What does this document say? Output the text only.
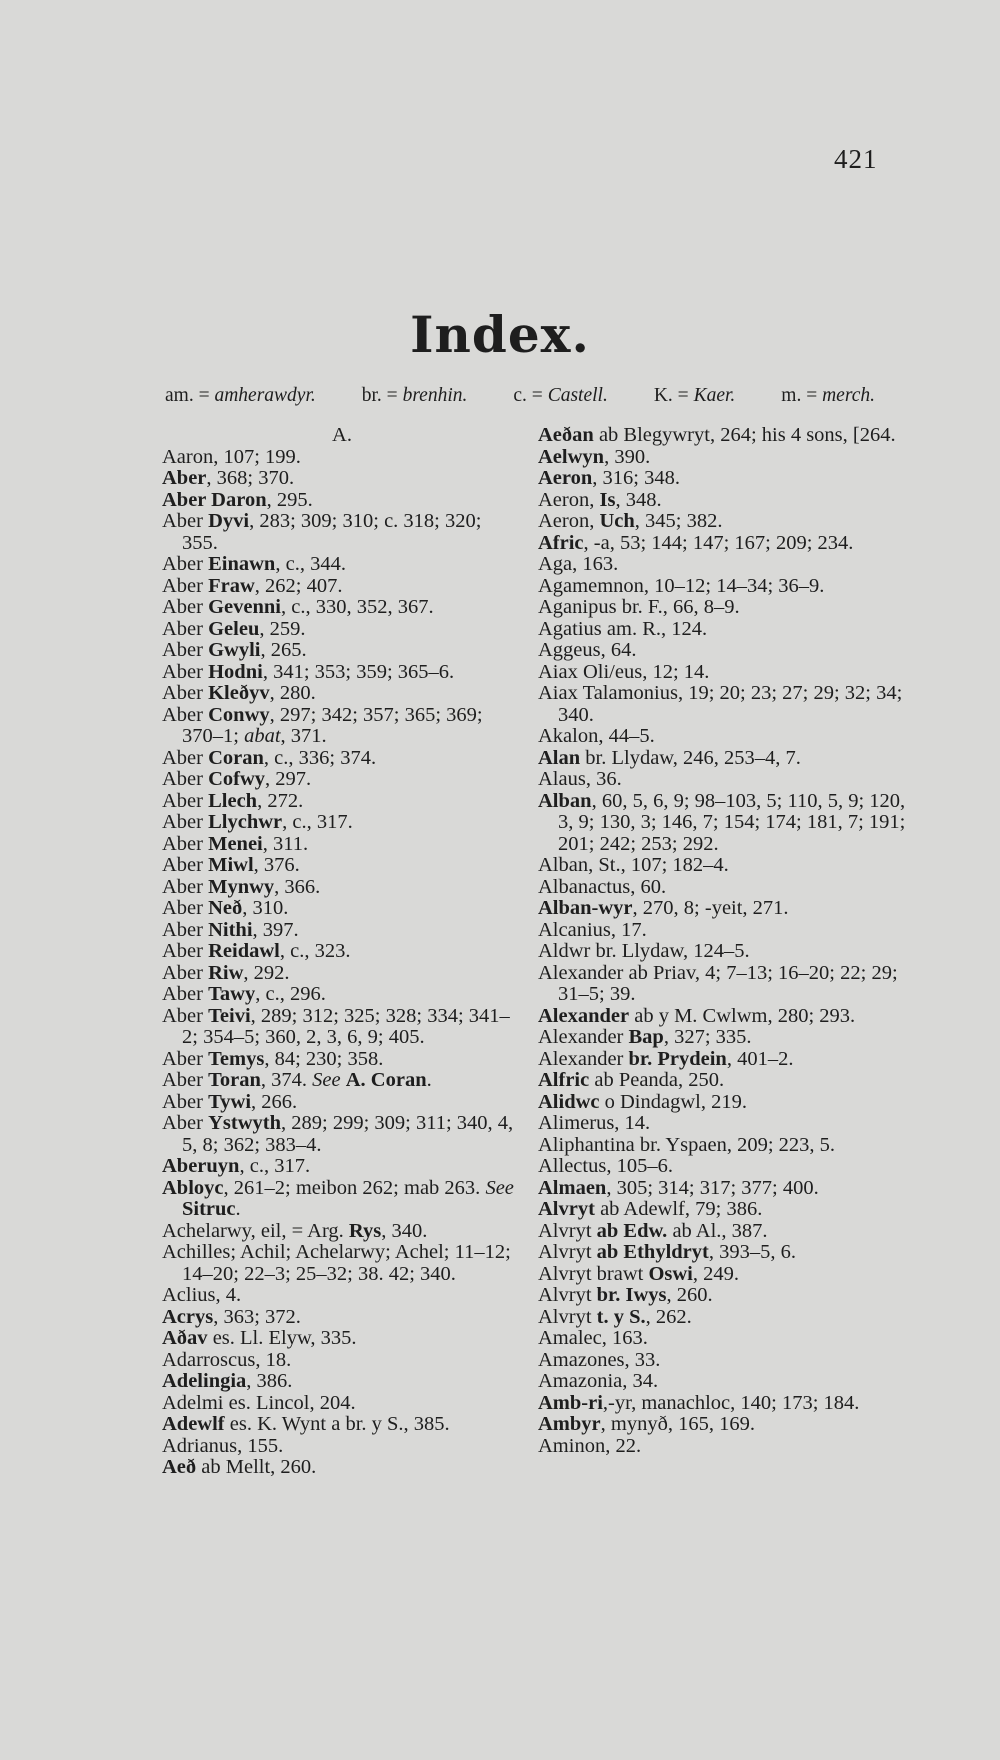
421
Index.
am. = amherawdyr. br. = brenhin. c. = Castell. K. = Kaer. m. = merch.
A.
Aaron, 107; 199.
Aber, 368; 370.
Aber Daron, 295.
Aber Dyvi, 283; 309; 310; c. 318; 320; 355.
Aber Einawn, c., 344.
Aber Fraw, 262; 407.
Aber Gevenni, c., 330, 352, 367.
Aber Geleu, 259.
Aber Gwyli, 265.
Aber Hodni, 341; 353; 359; 365–6.
Aber Kleðyv, 280.
Aber Conwy, 297; 342; 357; 365; 369; 370–1; abat, 371.
Aber Coran, c., 336; 374.
Aber Cofwy, 297.
Aber Llech, 272.
Aber Llychwr, c., 317.
Aber Menei, 311.
Aber Miwl, 376.
Aber Mynwy, 366.
Aber Neð, 310.
Aber Nithi, 397.
Aber Reidawl, c., 323.
Aber Riw, 292.
Aber Tawy, c., 296.
Aber Teivi, 289; 312; 325; 328; 334; 341–2; 354–5; 360, 2, 3, 6, 9; 405.
Aber Temys, 84; 230; 358.
Aber Toran, 374. See A. Coran.
Aber Tywi, 266.
Aber Ystwyth, 289; 299; 309; 311; 340, 4, 5, 8; 362; 383–4.
Aberuyn, c., 317.
Abloyc, 261–2; meibon 262; mab 263. See Sitruc.
Achelarwy, eil, = Arg. Rys, 340.
Achilles; Achil; Achelarwy; Achel; 11–12; 14–20; 22–3; 25–32; 38. 42; 340.
Aclius, 4.
Acrys, 363; 372.
Aðav es. Ll. Elyw, 335.
Adarroscus, 18.
Adelingia, 386.
Adelmi es. Lincol, 204.
Adewlf es. K. Wynt a br. y S., 385.
Adrianus, 155.
Aeð ab Mellt, 260.
Aeðan ab Blegywryt, 264; his 4 sons, [264.
Aelwyn, 390.
Aeron, 316; 348.
Aeron, Is, 348.
Aeron, Uch, 345; 382.
Afric, -a, 53; 144; 147; 167; 209; 234.
Aga, 163.
Agamemnon, 10–12; 14–34; 36–9.
Aganipus br. F., 66, 8–9.
Agatius am. R., 124.
Aggeus, 64.
Aiax Oli/eus, 12; 14.
Aiax Talamonius, 19; 20; 23; 27; 29; 32; 34; 340.
Akalon, 44–5.
Alan br. Llydaw, 246, 253–4, 7.
Alaus, 36.
Alban, 60, 5, 6, 9; 98–103, 5; 110, 5, 9; 120, 3, 9; 130, 3; 146, 7; 154; 174; 181, 7; 191; 201; 242; 253; 292.
Alban, St., 107; 182–4.
Albanactus, 60.
Alban-wyr, 270, 8; -yeit, 271.
Alcanius, 17.
Aldwr br. Llydaw, 124–5.
Alexander ab Priav, 4; 7–13; 16–20; 22; 29; 31–5; 39.
Alexander ab y M. Cwlwm, 280; 293.
Alexander Bap, 327; 335.
Alexander br. Prydein, 401–2.
Alfric ab Peanda, 250.
Alidwc o Dindagwl, 219.
Alimerus, 14.
Aliphantina br. Yspaen, 209; 223, 5.
Allectus, 105–6.
Almaen, 305; 314; 317; 377; 400.
Alvryt ab Adewlf, 79; 386.
Alvryt ab Edw. ab Al., 387.
Alvryt ab Ethyldryt, 393–5, 6.
Alvryt brawt Oswi, 249.
Alvryt br. Iwys, 260.
Alvryt t. y S., 262.
Amalec, 163.
Amazones, 33.
Amazonia, 34.
Amb-ri,-yr, manachloc, 140; 173; 184.
Ambyr, mynyð, 165, 169.
Aminon, 22.
